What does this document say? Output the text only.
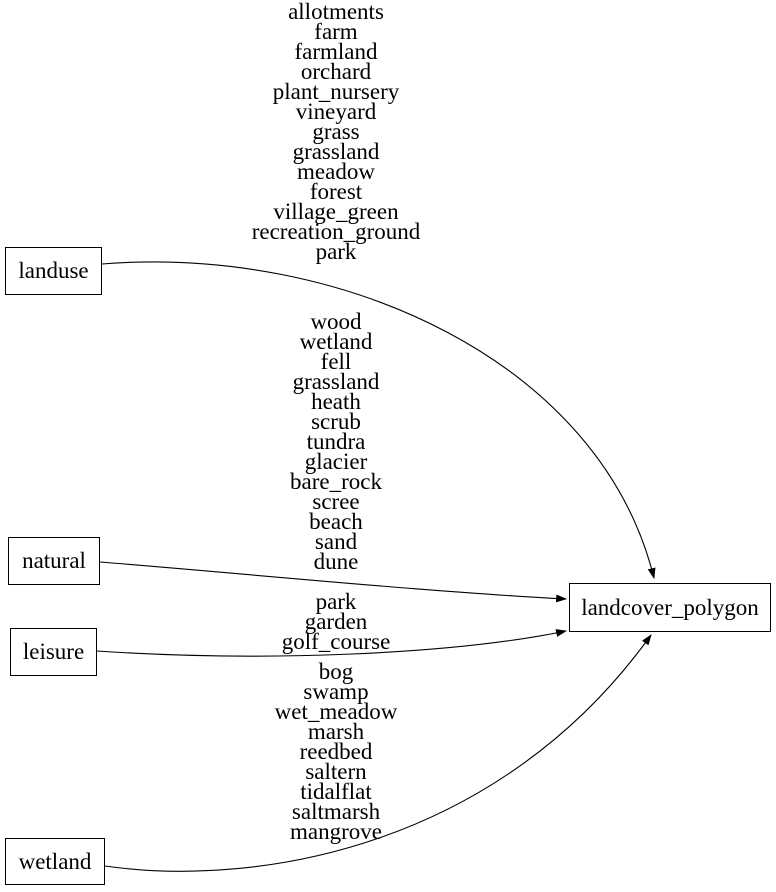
allotments
farm
farmland
orchard
plant_nursery
vineyard
grass
grassland
meadow
forest
village_green
recreation_ground
park
wood
wetland
fell
grassland
heath
scrub
tundra
glacier
bare_rock
scree
beach
sand
dune
park
garden
golf_course
bog
swamp
wet_meadow
marsh
reedbed
saltern
tidalflat
saltmarsh
mangrove
landuse
natural
leisure
wetland
landcover_polygon
